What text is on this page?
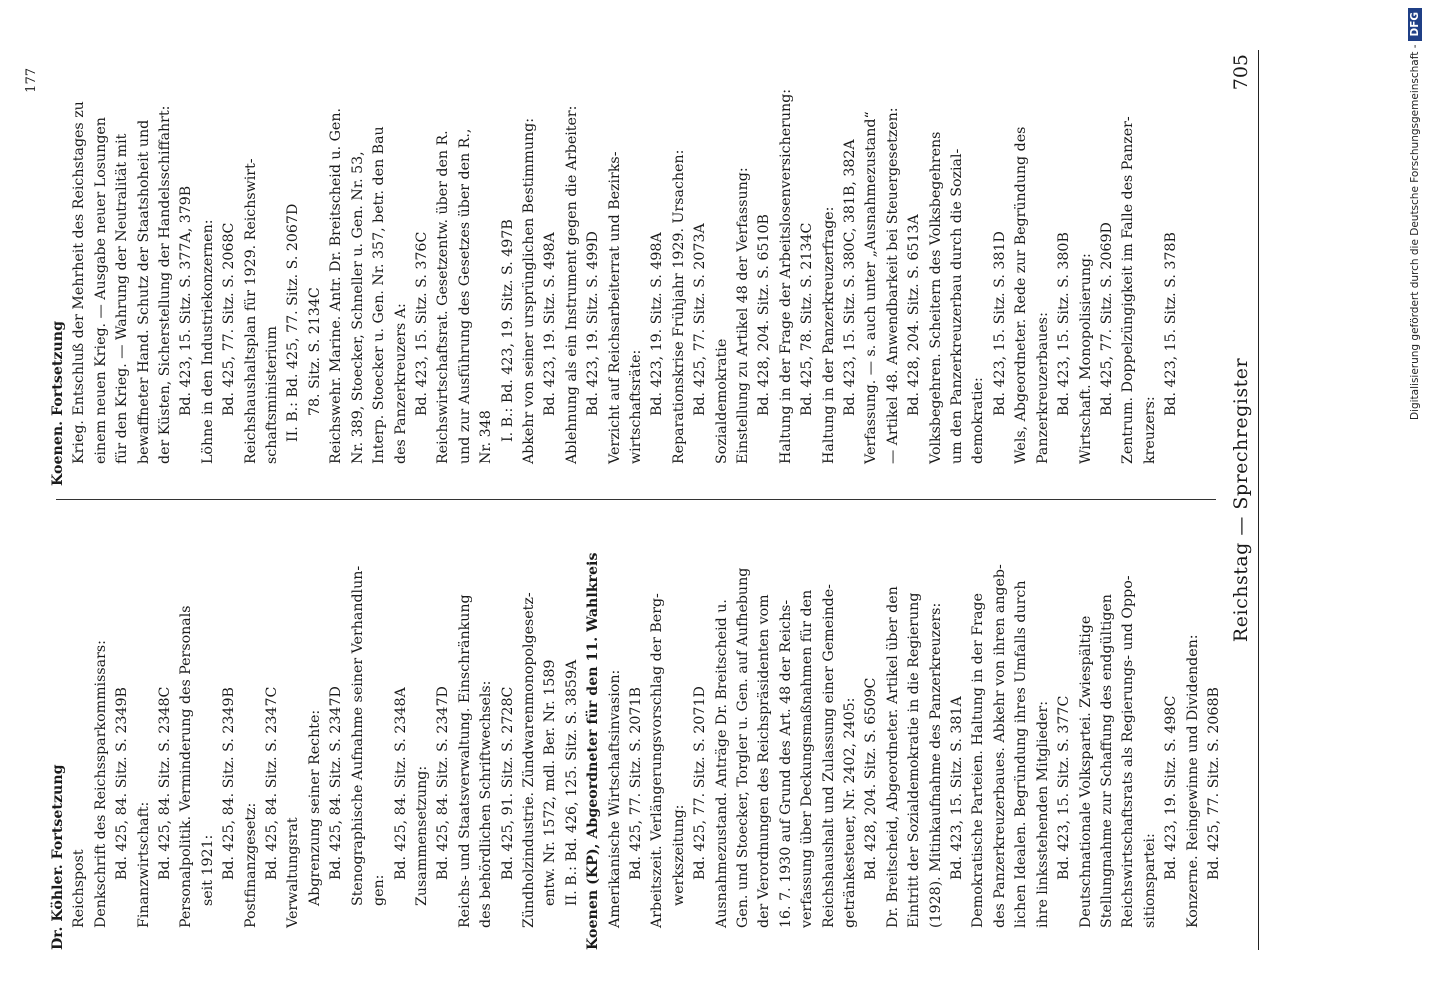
Reichstag — Sprechregister
705
Dr. Köhler. Fortsetzung Reichspost Denkschrift des Reichssparkommissars: Bd. 425, 84. Sitz. S. 2349B Finanzwirtschaft: Bd. 425, 84. Sitz. S. 2348C Personalpolitik. Verminderung des Personals seit 1921: Bd. 425, 84. Sitz. S. 2349B Postfinanzgesetz: Bd. 425, 84. Sitz. S. 2347C Verwaltungsrat Abgrenzung seiner Rechte: Bd. 425, 84. Sitz. S. 2347D Stenographische Aufnahme seiner Verhandlun- gen:
Bd. 425, 84. Sitz. S. 2348A Zusammensetzung: Bd. 425, 84. Sitz. S. 2347D Reichs- und Staatsverwaltung. Einschränkung des behördlichen Schriftwechsels: Bd. 425, 91. Sitz. S. 2728C Zündholzindustrie. Zündwarenmonopolgesetz- entw. Nr. 1572, mdl. Ber. Nr. 1589 II. B.: Bd. 426, 125. Sitz. S. 3859A Koenen (KP), Abgeordneter für den 11. Wahlkreis Amerikanische Wirtschaftsinvasion: Bd. 425, 77. Sitz. S. 2071B Arbeitszeit. Verlängerungsvorschlag der Berg- werkszeitung: Bd. 425, 77. Sitz. S. 2071D Ausnahmezustand. Anträge Dr. Breitscheid u. Gen. und Stoecker, Torgler u. Gen. auf Aufhebung der Verordnungen des Reichspräsidenten vom 16. 7. 1930 auf Grund des Art. 48 der Reichs- verfassung über Deckungsmaßnahmen für den Reichshaushalt und Zulassung einer Gemeinde- getränkesteuer, Nr. 2402, 2405: Bd. 428, 204. Sitz. S. 6509C Dr. Breitscheid, Abgeordneter. Artikel über den Eintritt der Sozialdemokratie in die Regierung (1928). Mitinkaufnahme des Panzerkreuzers: Bd. 423, 15. Sitz. S. 381A Demokratische Parteien. Haltung in der Frage des Panzerkreuzerbaues. Abkehr von ihren angeb- lichen Idealen. Begründung ihres Umfalls durch ihre linksstehenden Mitglieder: Bd. 423, 15. Sitz. S. 377C Deutschnationale Volkspartei. Zwiespältige Stellungnahme zur Schaffung des endgültigen Reichswirtschaftsrats als Regierungs- und Oppo- sitionspartei:
Bd. 423, 19. Sitz. S. 498C Konzerne. Reingewinne und Dividenden: Bd. 425, 77. Sitz. S. 2068B
Koenen. Fortsetzung Krieg. Entschluß der Mehrheit des Reichstages zu einem neuen Krieg. — Ausgabe neuer Losungen für den Krieg. — Wahrung der Neutralität mit bewaffneter Hand. Schutz der Staatshoheit und der Küsten, Sicherstellung der Handelsschiffahrt: Bd. 423, 15. Sitz. S. 377A, 379B Löhne in den Industriekonzernen: Bd. 425, 77. Sitz. S. 2068C Reichshaushaltsplan für 1929. Reichswirt- schaftsministerium II. B.: Bd. 425, 77. Sitz. S. 2067D 78. Sitz. S. 2134C Reichswehr. Marine. Antr. Dr. Breitscheid u. Gen. Nr. 389, Stoecker, Schneller u. Gen. Nr. 53, Interp. Stoecker u. Gen. Nr. 357, betr. den Bau des Panzerkreuzers A: Bd. 423, 15. Sitz. S. 376C Reichswirtschaftsrat. Gesetzentw. über den R. und zur Ausführung des Gesetzes über den R., Nr. 348 I. B.: Bd. 423, 19. Sitz. S. 497B Abkehr von seiner ursprünglichen Bestimmung: Bd. 423, 19. Sitz. S. 498A Ablehnung als ein Instrument gegen die Arbeiter: Bd. 423, 19. Sitz. S. 499D Verzicht auf Reichsarbeiterrat und Bezirks- wirtschaftsräte: Bd. 423, 19. Sitz. S. 498A Reparationskrise Frühjahr 1929. Ursachen: Bd. 425, 77. Sitz. S. 2073A Sozialdemokratie Einstellung zu Artikel 48 der Verfassung: Bd. 428, 204. Sitz. S. 6510B Haltung in der Frage der Arbeitslosenversicherung: Bd. 425, 78. Sitz. S. 2134C Haltung in der Panzerkreuzerfrage: Bd. 423, 15. Sitz. S. 380C, 381B, 382A Verfassung. — s. auch unter „Ausnahmezustand“ — Artikel 48. Anwendbarkeit bei Steuergesetzen: Bd. 428, 204. Sitz. S. 6513A Volksbegehren. Scheitern des Volksbegehrens um den Panzerkreuzerbau durch die Sozial- demokratie:
Bd. 423, 15. Sitz. S. 381D Wels, Abgeordneter. Rede zur Begründung des Panzerkreuzerbaues: Bd. 423, 15. Sitz. S. 380B Wirtschaft. Monopolisierung: Bd. 425, 77. Sitz. S. 2069D Zentrum. Doppelzüngigkeit im Falle des Panzer- kreuzers:
Bd. 423, 15. Sitz. S. 378B
177	Digitalisierung gefördert durch die Deutsche Forschungsgemeinschaft -DFG
